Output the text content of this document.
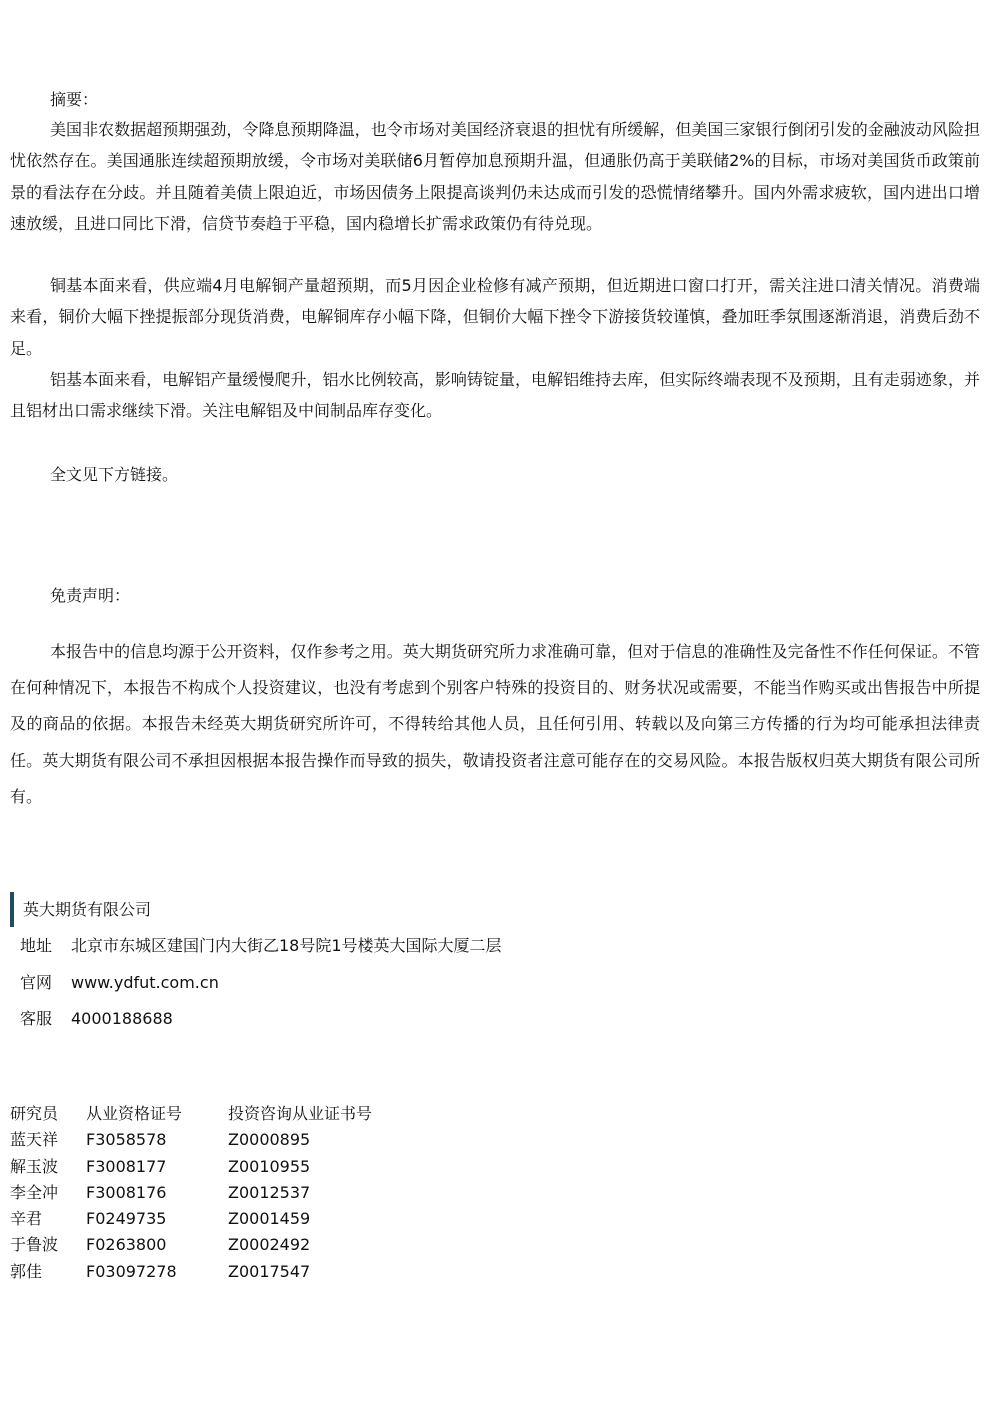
摘要：

美国非农数据超预期强劲，令降息预期降温，也令市场对美国经济衰退的担忧有所缓解，但美国三家银行倒闭引发的金融波动风险担忧依然存在。美国通胀连续超预期放缓，令市场对美联储6月暂停加息预期升温，但通胀仍高于美联储2%的目标，市场对美国货币政策前景的看法存在分歧。并且随着美债上限迫近，市场因债务上限提高谈判仍未达成而引发的恐慌情绪攀升。国内外需求疲软，国内进出口增速放缓，且进口同比下滑，信贷节奏趋于平稳，国内稳增长扩需求政策仍有待兑现。

铜基本面来看，供应端4月电解铜产量超预期，而5月因企业检修有减产预期，但近期进口窗口打开，需关注进口清关情况。消费端来看，铜价大幅下挫提振部分现货消费，电解铜库存小幅下降，但铜价大幅下挫令下游接货较谨慎，叠加旺季氛围逐渐消退，消费后劲不足。

铝基本面来看，电解铝产量缓慢爬升，铝水比例较高，影响铸锭量，电解铝维持去库，但实际终端表现不及预期，且有走弱迹象，并且铝材出口需求继续下滑。关注电解铝及中间制品库存变化。

全文见下方链接。

免责声明：

本报告中的信息均源于公开资料，仅作参考之用。英大期货研究所力求准确可靠，但对于信息的准确性及完备性不作任何保证。不管在何种情况下，本报告不构成个人投资建议，也没有考虑到个别客户特殊的投资目的、财务状况或需要，不能当作购买或出售报告中所提及的商品的依据。本报告未经英大期货研究所许可，不得转给其他人员，且任何引用、转载以及向第三方传播的行为均可能承担法律责任。英大期货有限公司不承担因根据本报告操作而导致的损失，敬请投资者注意可能存在的交易风险。本报告版权归英大期货有限公司所有。

英大期货有限公司

地址 北京市东城区建国门内大街乙18号院1号楼英大国际大厦二层
官网 www.ydfut.com.cn
客服 4000188688
研究员 从业资格证号	投资咨询从业证书号
蓝天祥 F3058578	Z0000895
解玉波 F3008177	Z0010955
李全冲 F3008176	Z0012537
辛君	F0249735	Z0001459
于鲁波 F0263800	Z0002492
郭佳	F03097278	Z0017547
